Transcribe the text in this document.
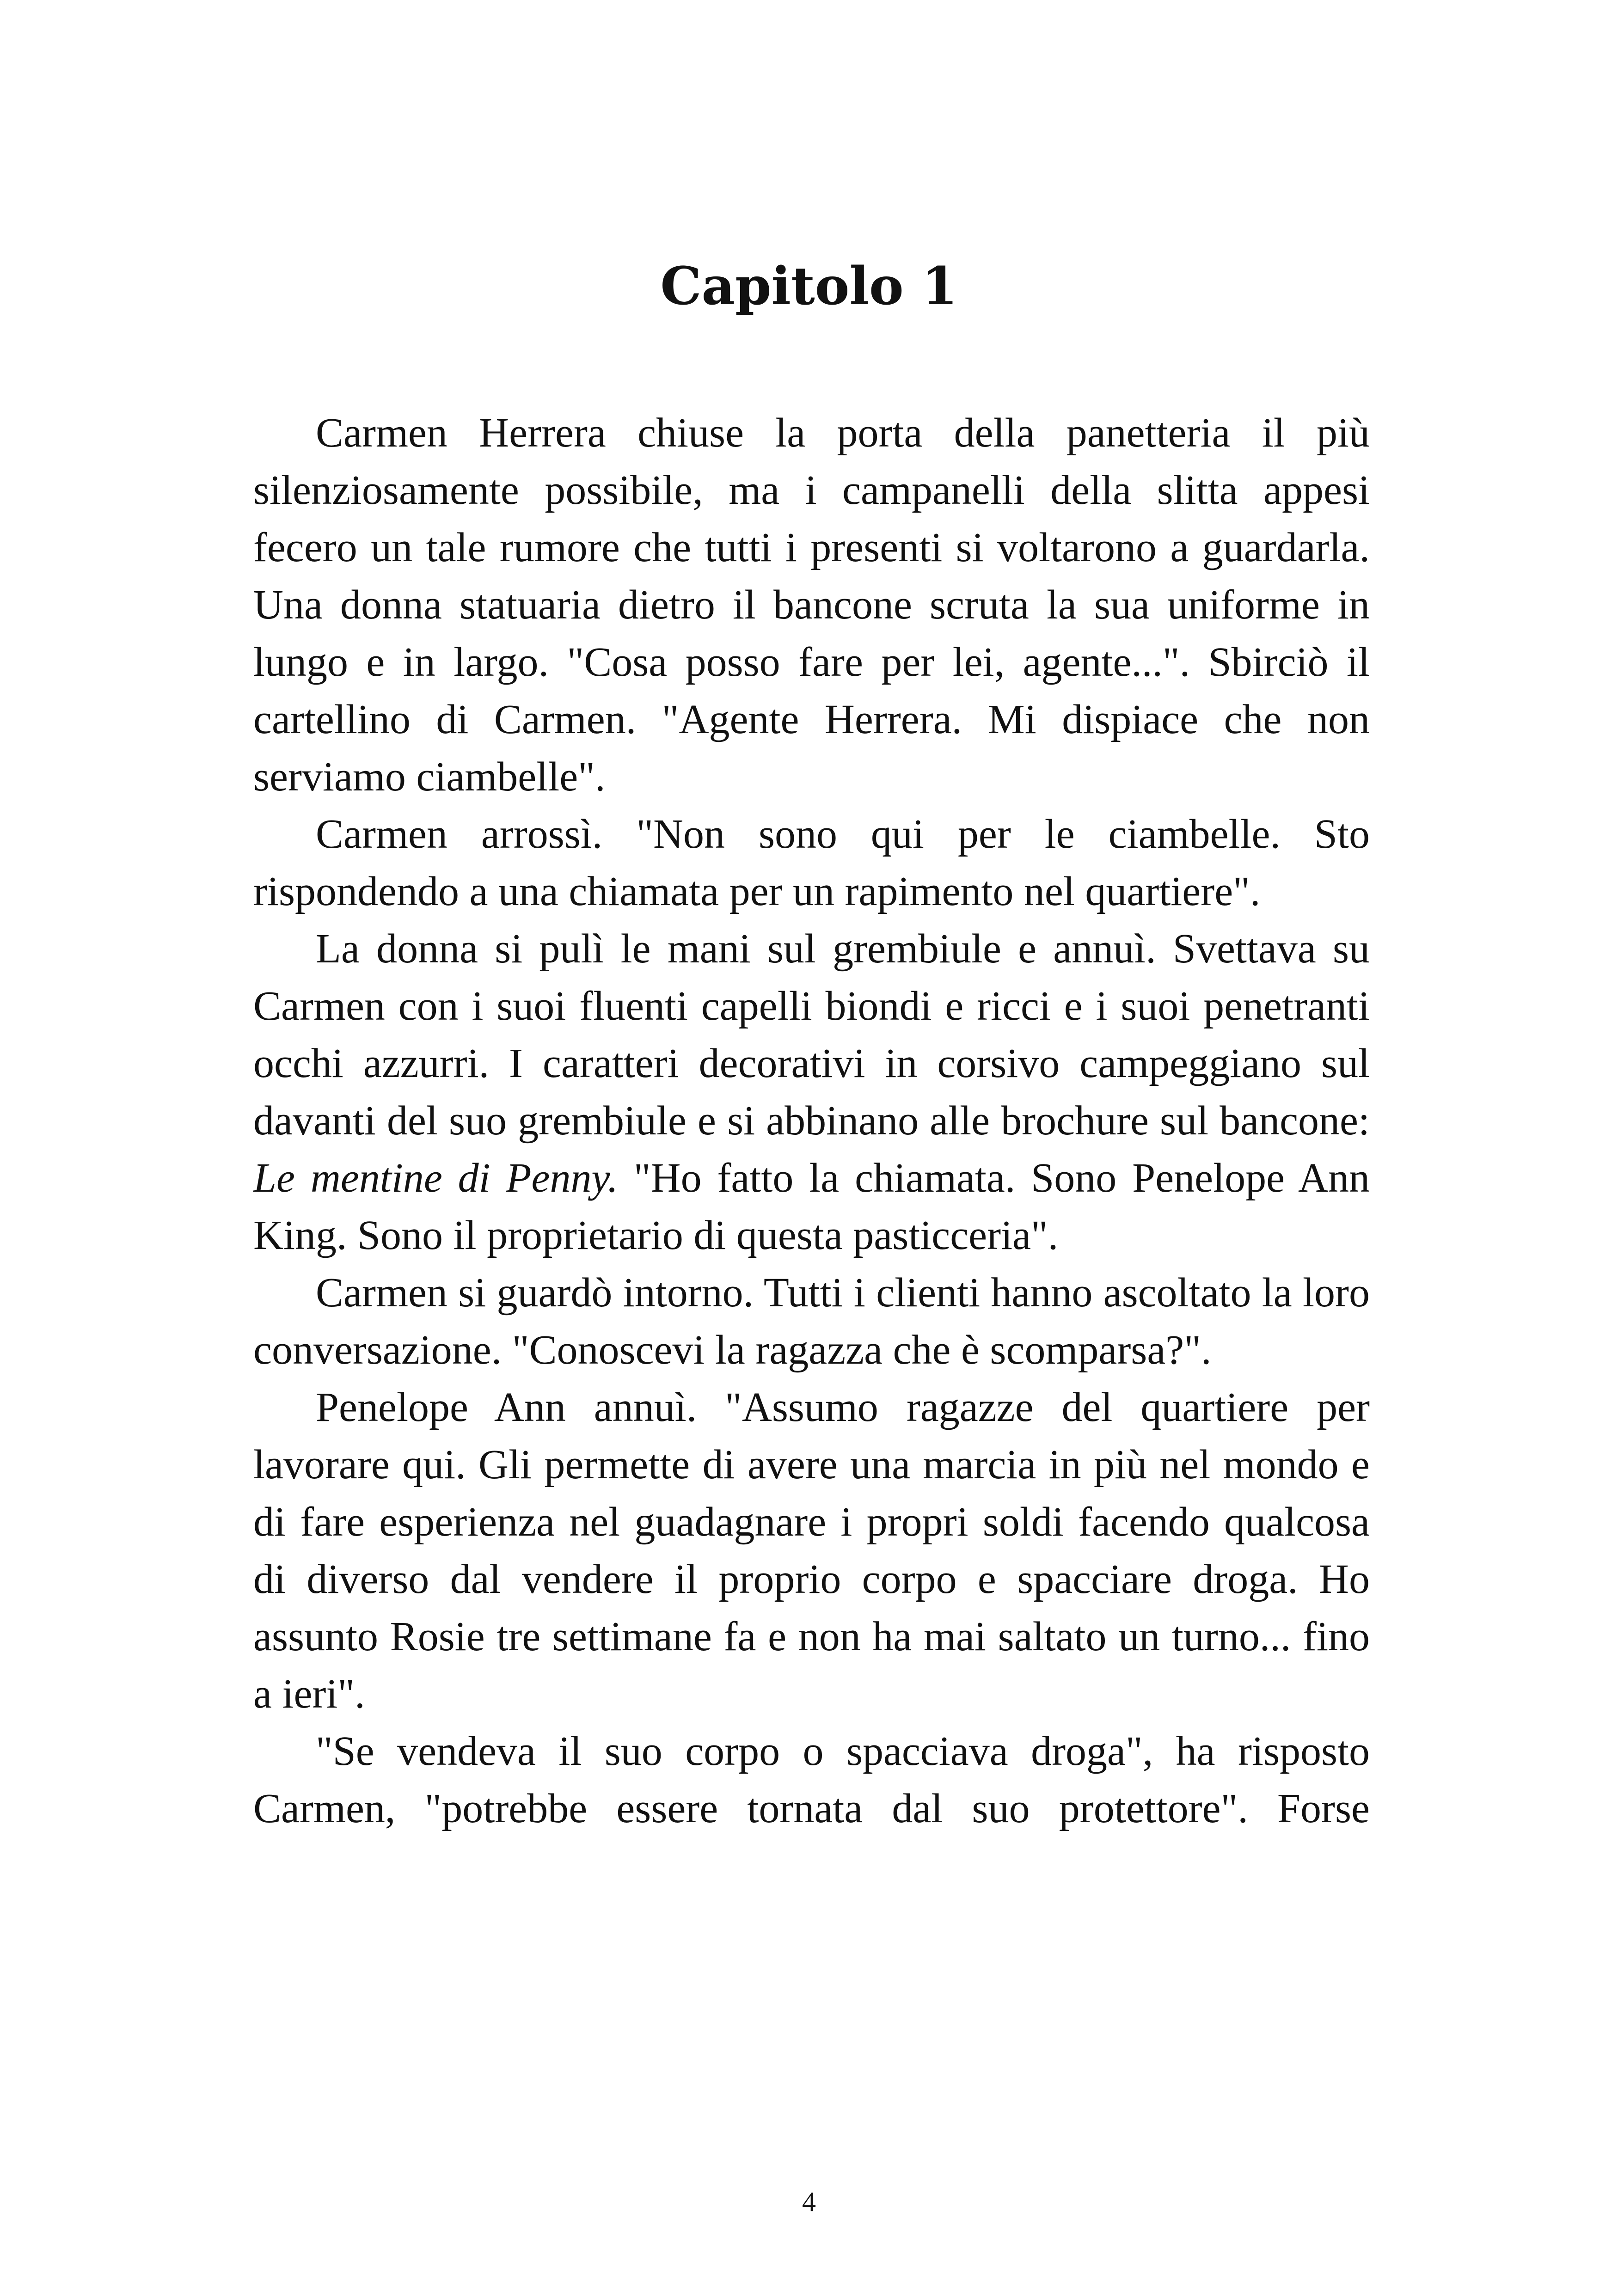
Capitolo 1

Carmen Herrera chiuse la porta della panetteria il più silenziosamente possibile, ma i campanelli della slitta appesi fecero un tale rumore che tutti i presenti si voltarono a guardarla. Una donna statuaria dietro il bancone scruta la sua uniforme in lungo e in largo. "Cosa posso fare per lei, agente...". Sbirciò il cartellino di Carmen. "Agente Herrera. Mi dispiace che non serviamo ciambelle".

Carmen arrossì. "Non sono qui per le ciambelle. Sto rispondendo a una chiamata per un rapimento nel quartiere".

La donna si pulì le mani sul grembiule e annuì. Svettava su Carmen con i suoi fluenti capelli biondi e ricci e i suoi penetranti occhi azzurri. I caratteri decorativi in corsivo campeggiano sul davanti del suo grembiule e si abbinano alle brochure sul bancone: Le mentine di Penny. "Ho fatto la chiamata. Sono Penelope Ann King. Sono il proprietario di questa pasticceria".

Carmen si guardò intorno. Tutti i clienti hanno ascoltato la loro conversazione. "Conoscevi la ragazza che è scomparsa?".

Penelope Ann annuì. "Assumo ragazze del quartiere per lavorare qui. Gli permette di avere una marcia in più nel mondo e di fare esperienza nel guadagnare i propri soldi facendo qualcosa di diverso dal vendere il proprio corpo e spacciare droga. Ho assunto Rosie tre settimane fa e non ha mai saltato un turno... fino a ieri".

"Se vendeva il suo corpo o spacciava droga", ha risposto Carmen, "potrebbe essere tornata dal suo protettore". Forse

4
